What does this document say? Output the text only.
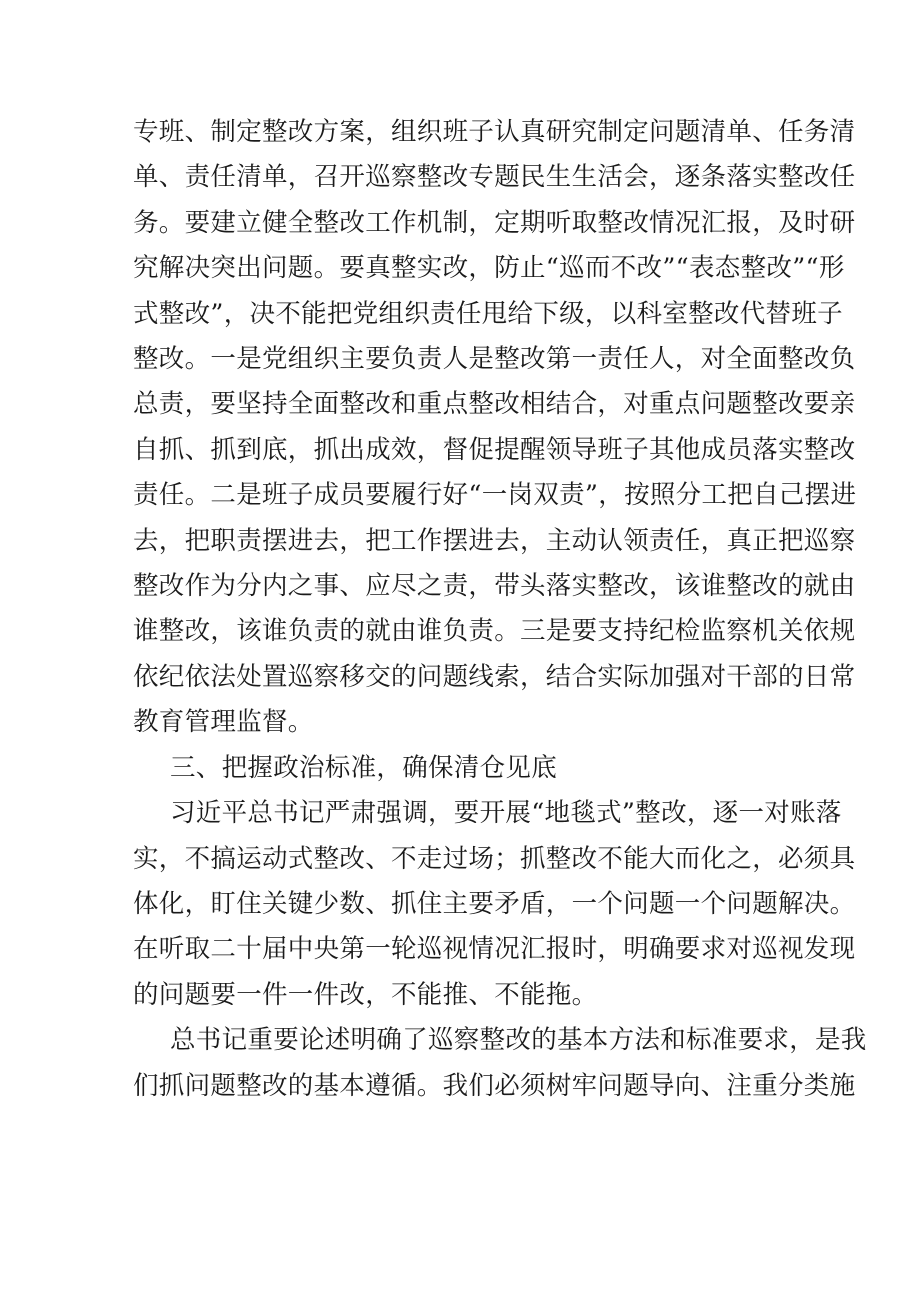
专班、制定整改方案，组织班子认真研究制定问题清单、任务清
单、责任清单，召开巡察整改专题民生生活会，逐条落实整改任
务。要建立健全整改工作机制，定期听取整改情况汇报，及时研
究解决突出问题。要真整实改，防止“巡而不改”“表态整改”“形
式整改”，决不能把党组织责任甩给下级，以科室整改代替班子
整改。一是党组织主要负责人是整改第一责任人，对全面整改负
总责，要坚持全面整改和重点整改相结合，对重点问题整改要亲
自抓、抓到底，抓出成效，督促提醒领导班子其他成员落实整改
责任。二是班子成员要履行好“一岗双责”，按照分工把自己摆进
去，把职责摆进去，把工作摆进去，主动认领责任，真正把巡察
整改作为分内之事、应尽之责，带头落实整改，该谁整改的就由
谁整改，该谁负责的就由谁负责。三是要支持纪检监察机关依规
依纪依法处置巡察移交的问题线索，结合实际加强对干部的日常
教育管理监督。
三、把握政治标准，确保清仓见底
习近平总书记严肃强调，要开展“地毯式”整改，逐一对账落
实，不搞运动式整改、不走过场；抓整改不能大而化之，必须具
体化，盯住关键少数、抓住主要矛盾，一个问题一个问题解决。
在听取二十届中央第一轮巡视情况汇报时，明确要求对巡视发现
的问题要一件一件改，不能推、不能拖。
总书记重要论述明确了巡察整改的基本方法和标准要求，是我
们抓问题整改的基本遵循。我们必须树牢问题导向、注重分类施
